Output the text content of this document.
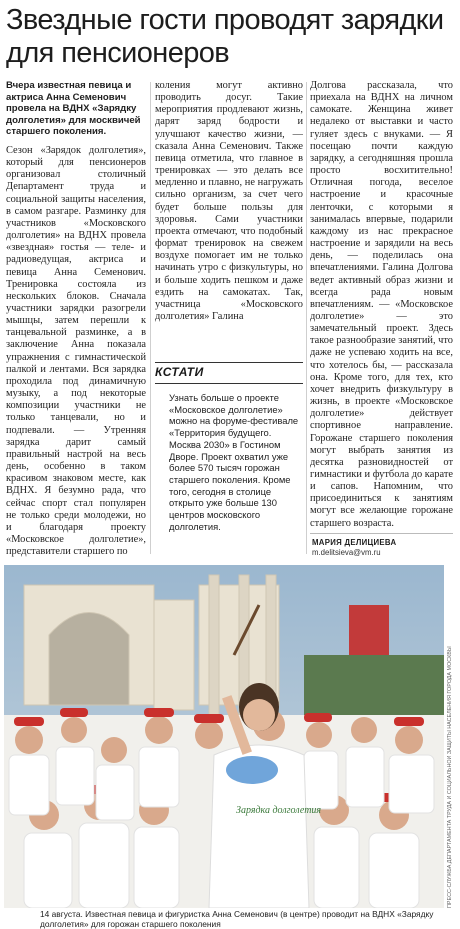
Звездные гости проводят зарядки для пенсионеров

Вчера известная певица и актриса Анна Семенович провела на ВДНХ «Зарядку долголетия» для москвичей старшего поколения.

Сезон «Зарядок долголетия», который для пенсионеров организовал столичный Департамент труда и социальной защиты населения, в самом разгаре. Разминку для участников «Московского долголетия» на ВДНХ провела «звездная» гостья — теле- и радиоведущая, актриса и певица Анна Семенович. Тренировка состояла из нескольких блоков. Сначала участники зарядки разогрели мышцы, затем перешли к танцевальной разминке, а в заключение Анна показала упражнения с гимнастической палкой и лентами. Вся зарядка проходила под динамичную музыку, а под некоторые композиции участники не только танцевали, но и подпевали. — Утренняя зарядка дарит самый правильный настрой на весь день, особенно в таком красивом знаковом месте, как ВДНХ. Я безумно рада, что сейчас спорт стал популярен не только среди молодежи, но и благодаря проекту «Московское долголетие», представители старшего по

коления могут активно проводить досуг. Такие мероприятия продлевают жизнь, дарят заряд бодрости и улучшают качество жизни, — сказала Анна Семенович. Также певица отметила, что главное в тренировках — это делать все медленно и плавно, не нагружать сильно организм, за счет чего будет больше пользы для здоровья. Сами участники проекта отмечают, что подобный формат тренировок на свежем воздухе помогает им не только начинать утро с физкультуры, но и больше ходить пешком и даже ездить на самокатах. Так, участница «Московского долголетия» Галина

КСТАТИ
Узнать больше о проекте «Московское долголетие» можно на форуме-фестивале «Территория будущего. Москва 2030» в Гостином Дворе. Проект охватил уже более 570 тысяч горожан старшего поколения. Кроме того, сегодня в столице открыто уже больше 130 центров московского долголетия.

Долгова рассказала, что приехала на ВДНХ на личном самокате. Женщина живет недалеко от выставки и часто гуляет здесь с внуками. — Я посещаю почти каждую зарядку, а сегодняшняя прошла просто восхитительно! Отличная погода, веселое настроение и красочные ленточки, с которыми я занималась впервые, подарили каждому из нас прекрасное настроение и зарядили на весь день, — поделилась она впечатлениями. Галина Долгова ведет активный образ жизни и всегда рада новым впечатлениям. — «Московское долголетие» — это замечательный проект. Здесь такое разнообразие занятий, что даже не успеваю ходить на все, что хотелось бы, — рассказала она. Кроме того, для тех, кто хочет внедрить физкультуру в жизнь, в проекте «Московское долголетие» действует спортивное направление. Горожане старшего поколения могут выбрать занятия из десятка разновидностей от гимнастики и футбола до карате и сапов. Напомним, что присоединиться к занятиям могут все желающие горожане старшего возраста.

МАРИЯ ДЕЛИЦИЕВА
m.delitsieva@vm.ru
Зарядка долголетия	ПРЕСС-СЛУЖБА ДЕПАРТАМЕНТА ТРУДА И СОЦИАЛЬНОЙ ЗАЩИТЫ НАСЕЛЕНИЯ ГОРОДА МОСКВЫ
14 августа. Известная певица и фигуристка Анна Семенович (в центре) проводит на ВДНХ «Зарядку долголетия» для горожан старшего поколения
